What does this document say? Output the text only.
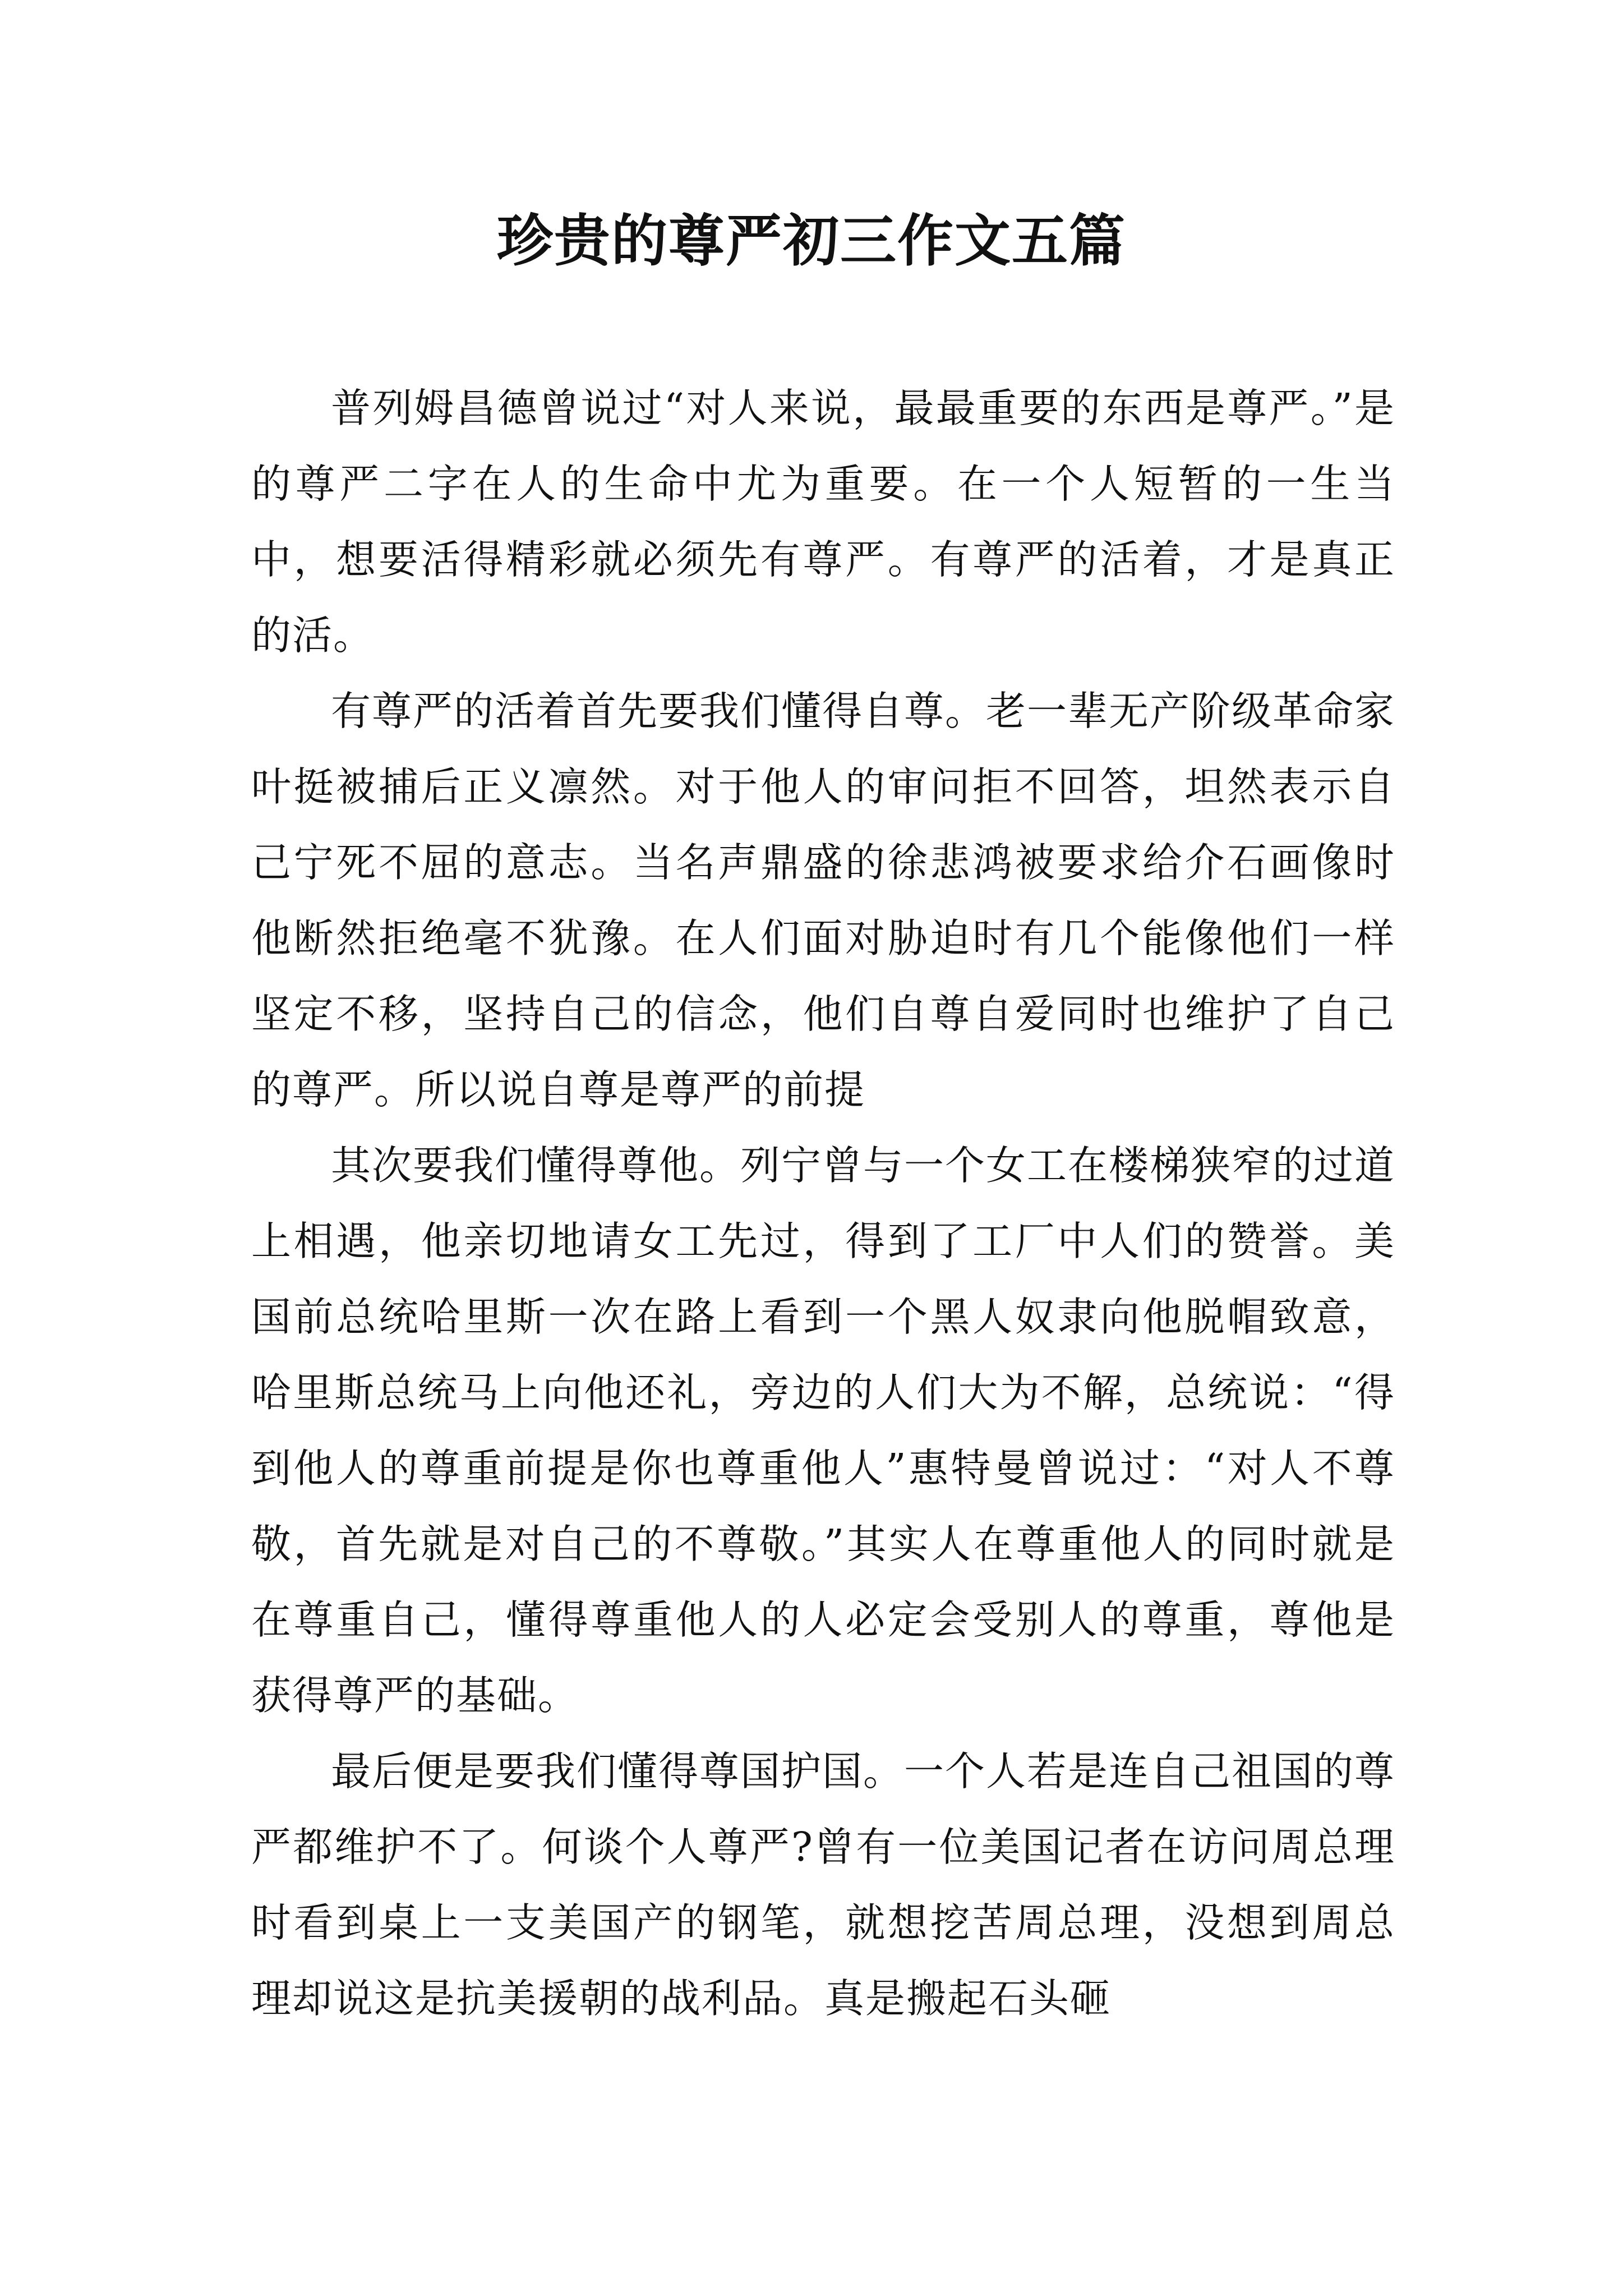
珍贵的尊严初三作文五篇

普列姆昌德曾说过“对人来说，最最重要的东西是尊严。”是的尊严二字在人的生命中尤为重要。在一个人短暂的一生当中，想要活得精彩就必须先有尊严。有尊严的活着，才是真正的活。

有尊严的活着首先要我们懂得自尊。老一辈无产阶级革命家叶挺被捕后正义凛然。对于他人的审问拒不回答，坦然表示自己宁死不屈的意志。当名声鼎盛的徐悲鸿被要求给介石画像时他断然拒绝毫不犹豫。在人们面对胁迫时有几个能像他们一样坚定不移，坚持自己的信念，他们自尊自爱同时也维护了自己的尊严。所以说自尊是尊严的前提

其次要我们懂得尊他。列宁曾与一个女工在楼梯狭窄的过道上相遇，他亲切地请女工先过，得到了工厂中人们的赞誉。美国前总统哈里斯一次在路上看到一个黑人奴隶向他脱帽致意，哈里斯总统马上向他还礼，旁边的人们大为不解，总统说：“得到他人的尊重前提是你也尊重他人”惠特曼曾说过：“对人不尊敬，首先就是对自己的不尊敬。”其实人在尊重他人的同时就是在尊重自己，懂得尊重他人的人必定会受别人的尊重，尊他是获得尊严的基础。

最后便是要我们懂得尊国护国。一个人若是连自己祖国的尊严都维护不了。何谈个人尊严?曾有一位美国记者在访问周总理时看到桌上一支美国产的钢笔，就想挖苦周总理，没想到周总理却说这是抗美援朝的战利品。真是搬起石头砸
